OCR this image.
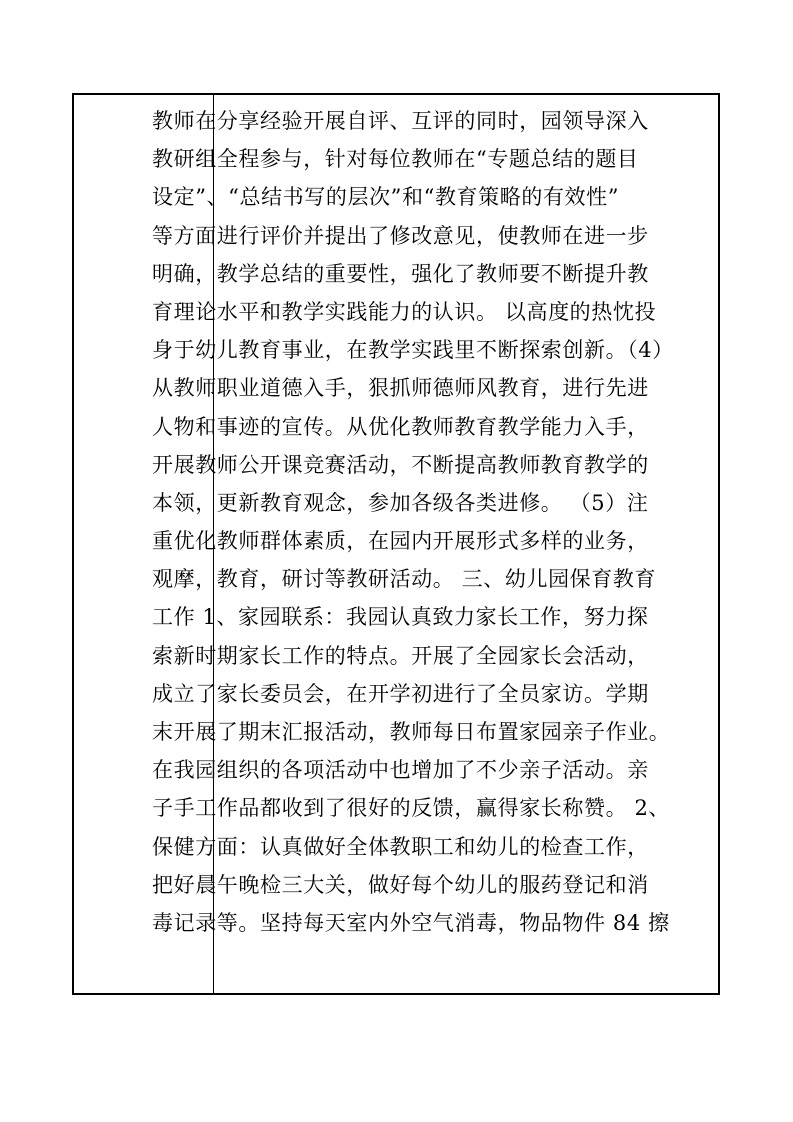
教师在分享经验开展自评、互评的同时，园领导深入
教研组全程参与，针对每位教师在“专题总结的题目
设定”、“总结书写的层次”和“教育策略的有效性”
等方面进行评价并提出了修改意见，使教师在进一步
明确，教学总结的重要性，强化了教师要不断提升教
育理论水平和教学实践能力的认识。 以高度的热忱投
身于幼儿教育事业，在教学实践里不断探索创新。（4）
从教师职业道德入手，狠抓师德师风教育，进行先进
人物和事迹的宣传。从优化教师教育教学能力入手，
开展教师公开课竞赛活动，不断提高教师教育教学的
本领，更新教育观念，参加各级各类进修。 （5）注
重优化教师群体素质，在园内开展形式多样的业务，
观摩，教育，研讨等教研活动。 三、幼儿园保育教育
工作 1、家园联系：我园认真致力家长工作，努力探
索新时期家长工作的特点。开展了全园家长会活动，
成立了家长委员会，在开学初进行了全员家访。学期
末开展了期末汇报活动，教师每日布置家园亲子作业。
在我园组织的各项活动中也增加了不少亲子活动。亲
子手工作品都收到了很好的反馈，赢得家长称赞。 2、
保健方面：认真做好全体教职工和幼儿的检查工作，
把好晨午晚检三大关，做好每个幼儿的服药登记和消
毒记录等。坚持每天室内外空气消毒，物品物件 84 擦
